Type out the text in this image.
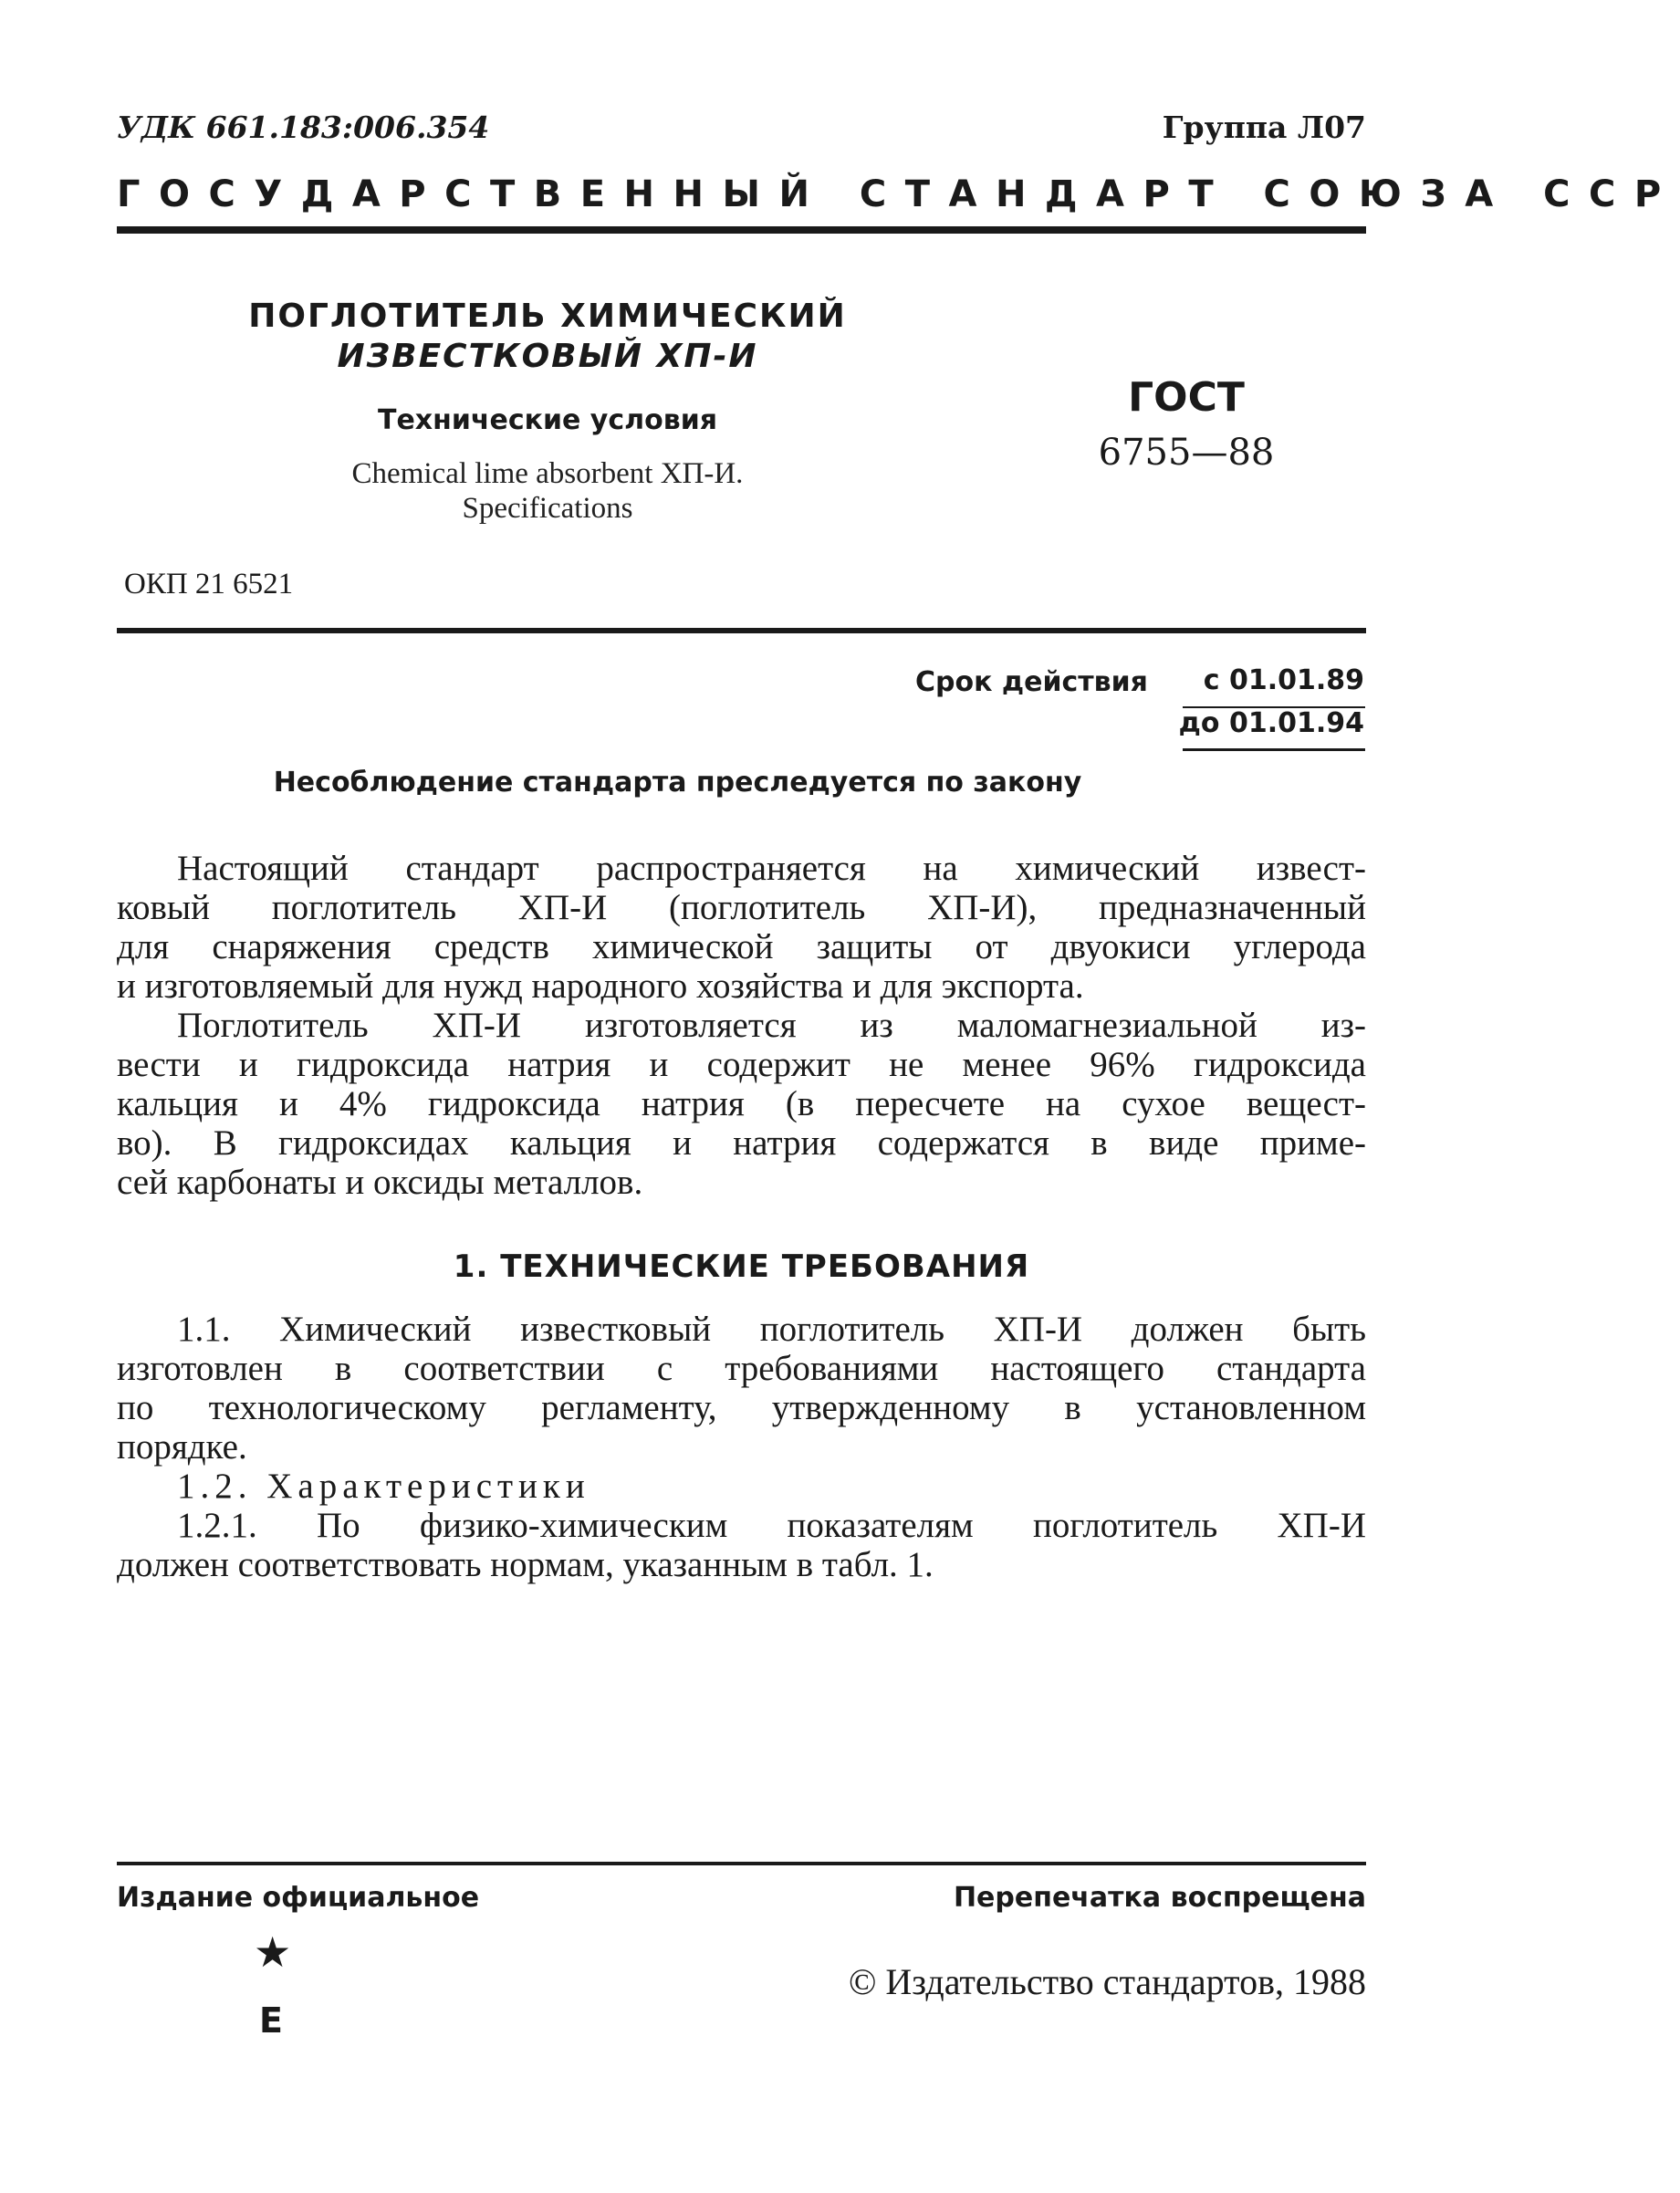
УДК 661.183:006.354	Группа Л07
ГОСУДАРСТВЕННЫЙ СТАНДАРТ СОЮЗА ССР
ПОГЛОТИТЕЛЬ ХИМИЧЕСКИЙ
ИЗВЕСТКОВЫЙ ХП-И
Технические условия
Chemical lime absorbent ХП-И.
Specifications
ГОСТ
6755—88
ОКП 21 6521
Срок действия	с 01.01.89
до 01.01.94
Несоблюдение стандарта преследуется по закону
Настоящий стандарт распространяется на химический извест-
ковый поглотитель ХП-И (поглотитель ХП-И), предназначенный
для снаряжения средств химической защиты от двуокиси углерода
и изготовляемый для нужд народного хозяйства и для экспорта.
Поглотитель ХП-И изготовляется из маломагнезиальной из-
вести и гидроксида натрия и содержит не менее 96% гидроксида
кальция и 4% гидроксида натрия (в пересчете на сухое вещест-
во). В гидроксидах кальция и натрия содержатся в виде приме-
сей карбонаты и оксиды металлов.
1. ТЕХНИЧЕСКИЕ ТРЕБОВАНИЯ
1.1. Химический известковый поглотитель ХП-И должен быть
изготовлен в соответствии с требованиями настоящего стандарта
по технологическому регламенту, утвержденному в установленном
порядке.
1.2. Характеристики
1.2.1. По физико-химическим показателям поглотитель ХП-И
должен соответствовать нормам, указанным в табл. 1.
Издание официальное	Перепечатка воспрещена
★
Е
© Издательство стандартов, 1988
